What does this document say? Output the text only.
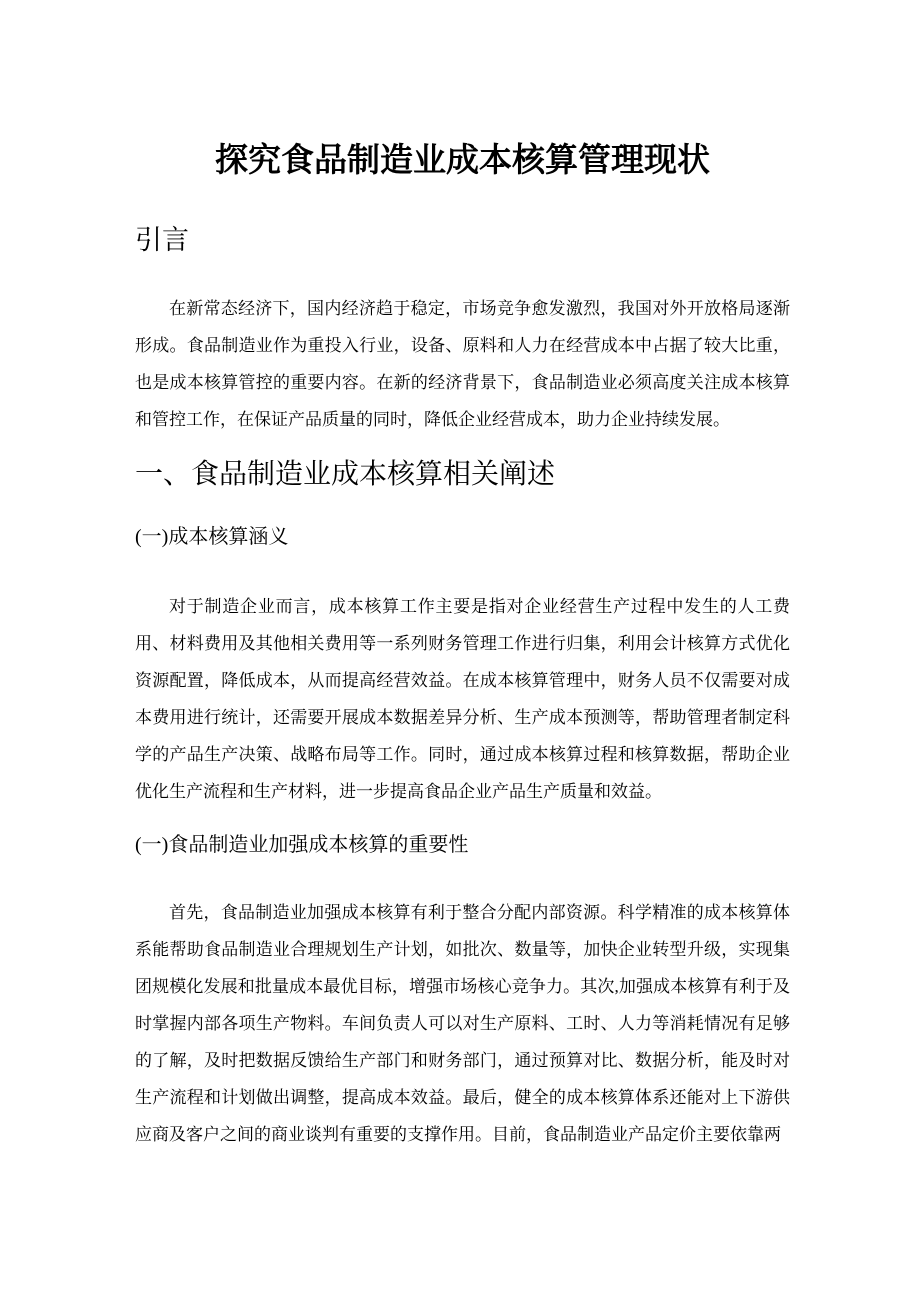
探究食品制造业成本核算管理现状
引言

在新常态经济下，国内经济趋于稳定，市场竞争愈发激烈，我国对外开放格局逐渐形成。食品制造业作为重投入行业，设备、原料和人力在经营成本中占据了较大比重，也是成本核算管控的重要内容。在新的经济背景下，食品制造业必须高度关注成本核算和管控工作，在保证产品质量的同时，降低企业经营成本，助力企业持续发展。

一、食品制造业成本核算相关阐述
(一)成本核算涵义

对于制造企业而言，成本核算工作主要是指对企业经营生产过程中发生的人工费用、材料费用及其他相关费用等一系列财务管理工作进行归集，利用会计核算方式优化资源配置，降低成本，从而提高经营效益。在成本核算管理中，财务人员不仅需要对成本费用进行统计，还需要开展成本数据差异分析、生产成本预测等，帮助管理者制定科学的产品生产决策、战略布局等工作。同时，通过成本核算过程和核算数据，帮助企业优化生产流程和生产材料，进一步提高食品企业产品生产质量和效益。

(一)食品制造业加强成本核算的重要性

首先，食品制造业加强成本核算有利于整合分配内部资源。科学精准的成本核算体系能帮助食品制造业合理规划生产计划，如批次、数量等，加快企业转型升级，实现集团规模化发展和批量成本最优目标，增强市场核心竞争力。其次,加强成本核算有利于及时掌握内部各项生产物料。车间负责人可以对生产原料、工时、人力等消耗情况有足够的了解，及时把数据反馈给生产部门和财务部门，通过预算对比、数据分析，能及时对生产流程和计划做出调整，提高成本效益。最后，健全的成本核算体系还能对上下游供应商及客户之间的商业谈判有重要的支撑作用。目前，食品制造业产品定价主要依靠两
